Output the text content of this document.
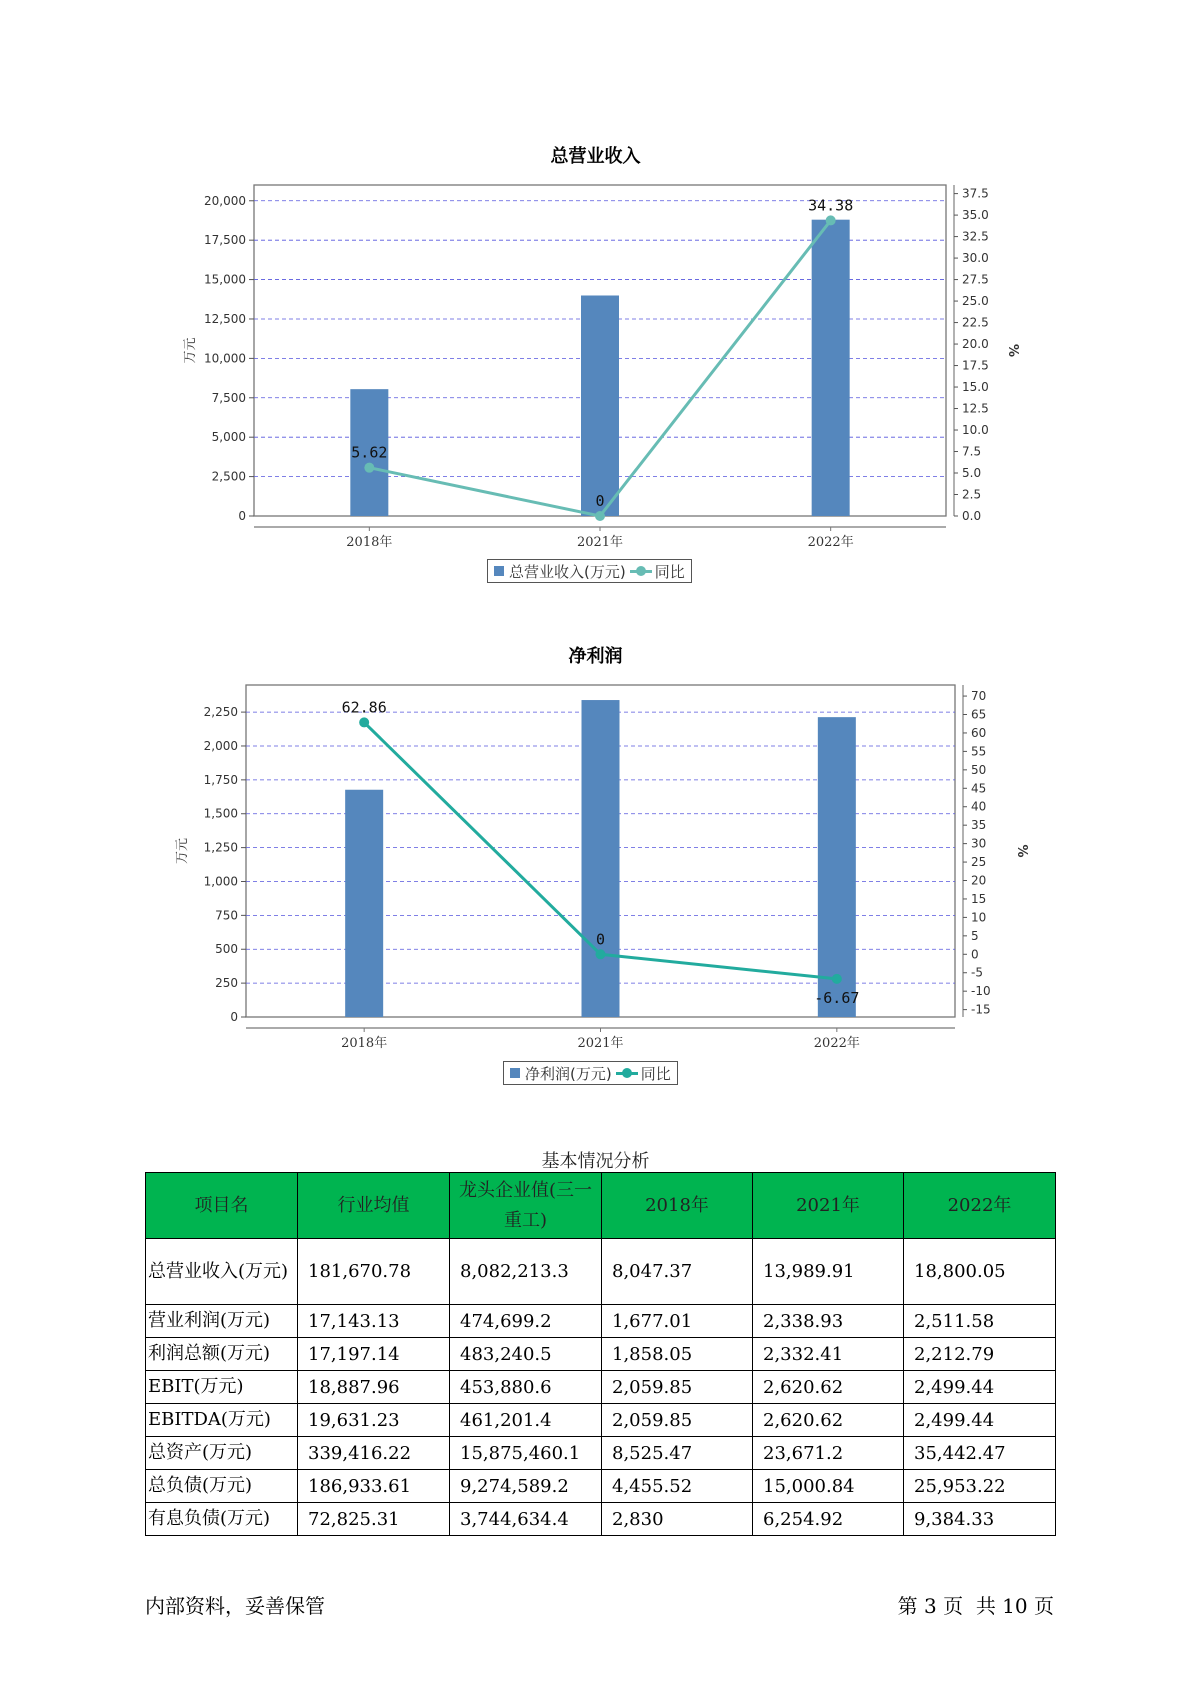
总营业收入
0
2,500
5,000
7,500
10,000
12,500
15,000
17,500
20,000
0.0
2.5
5.0
7.5
10.0
12.5
15.0
17.5
20.0
22.5
25.0
27.5
30.0
32.5
35.0
37.5
万元	%
2018年	2021年	2022年
5.62
0
34.38
总营业收入(万元) 同比
净利润
0
250
500
750
1,000
1,250
1,500
1,750
2,000
2,250
-15
-10
-5
0
5
10
15
20
25
30
35
40
45
50
55
60
65
70
万元	%
2018年	2021年	2022年
62.86
0
-6.67
净利润(万元) 同比
基本情况分析
项目名	行业均值	龙头企业值(三一重工)	2018年	2021年	2022年
总营业收入(万元)	181,670.78	8,082,213.3	8,047.37	13,989.91	18,800.05
营业利润(万元)	17,143.13	474,699.2	1,677.01	2,338.93	2,511.58
利润总额(万元)	17,197.14	483,240.5	1,858.05	2,332.41	2,212.79
EBIT(万元)	18,887.96	453,880.6	2,059.85	2,620.62	2,499.44
EBITDA(万元)	19,631.23	461,201.4	2,059.85	2,620.62	2,499.44
总资产(万元)	339,416.22	15,875,460.1	8,525.47	23,671.2	35,442.47
总负债(万元)	186,933.61	9,274,589.2	4,455.52	15,000.84	25,953.22
有息负债(万元)	72,825.31	3,744,634.4	2,830	6,254.92	9,384.33
内部资料，妥善保管	第 3 页  共 10 页
